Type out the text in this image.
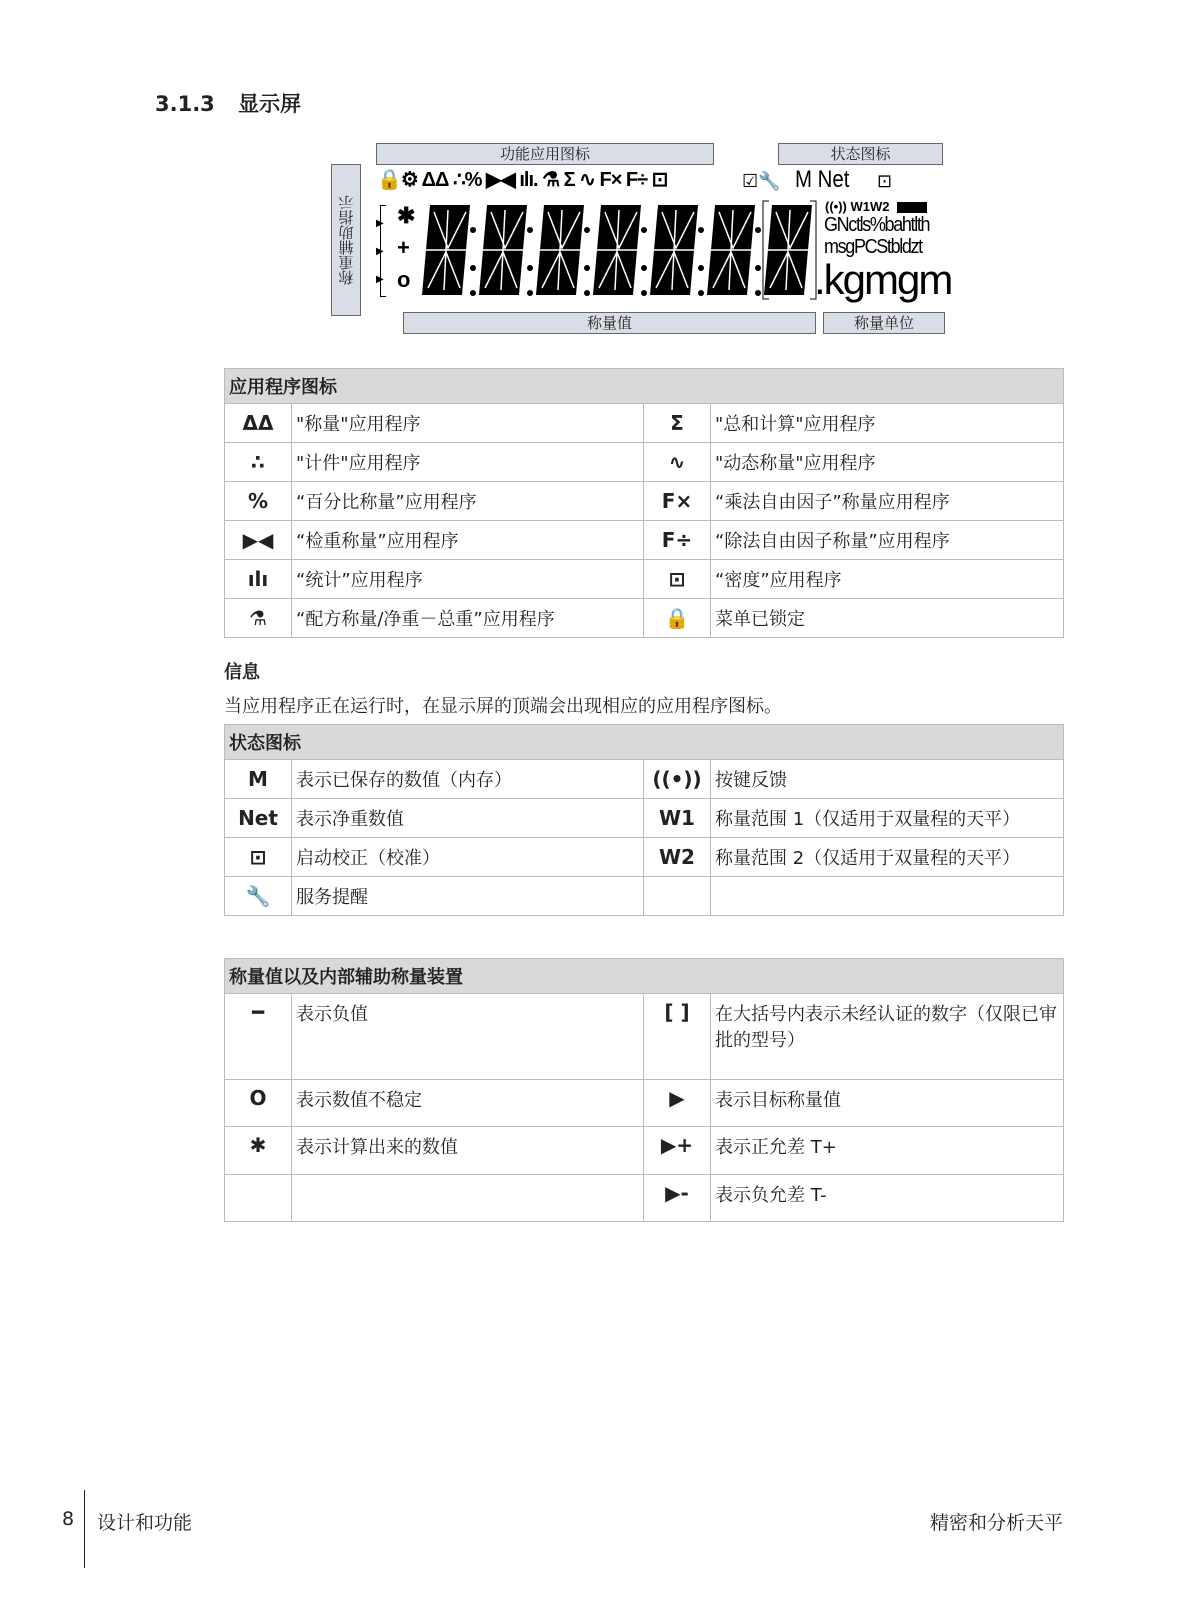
3.1.3 显示屏
功能应用图标	状态图标
称重辅助指示
称量值	称量单位
🔒⚙ ΔΔ ∴% ▶◀ ılı. ⚗ Σ ∿ F× F÷ ⊡	☑🔧 M Net ⊡
▶
▶
▶
✱
+
o
((•)) W1W2
GNctls%bahtlth
msgPCStbldzt
.kgmgm
应用程序图标			
ΔΔ	"称量"应用程序	Σ	"总和计算"应用程序
∴	"计件"应用程序	∿	"动态称量"应用程序
%	“百分比称量”应用程序	F×	“乘法自由因子”称量应用程序
▶◀	“检重称量”应用程序	F÷	“除法自由因子称量”应用程序
ılı	“统计”应用程序	⊡	“密度”应用程序
⚗	“配方称量/净重－总重”应用程序	🔒	菜单已锁定
信息
当应用程序正在运行时，在显示屏的顶端会出现相应的应用程序图标。
状态图标			
M	表示已保存的数值（内存）	((•))	按键反馈
Net	表示净重数值	W1	称量范围 1（仅适用于双量程的天平）
⊡	启动校正（校准）	W2	称量范围 2（仅适用于双量程的天平）
🔧	服务提醒		
称量值以及内部辅助称量装置			
━	表示负值	[ ]	在大括号内表示未经认证的数字（仅限已审批的型号）
O	表示数值不稳定	▶	表示目标称量值
✱	表示计算出来的数值	▶+	表示正允差 T+
		▶-	表示负允差 T-
8 设计和功能	精密和分析天平
